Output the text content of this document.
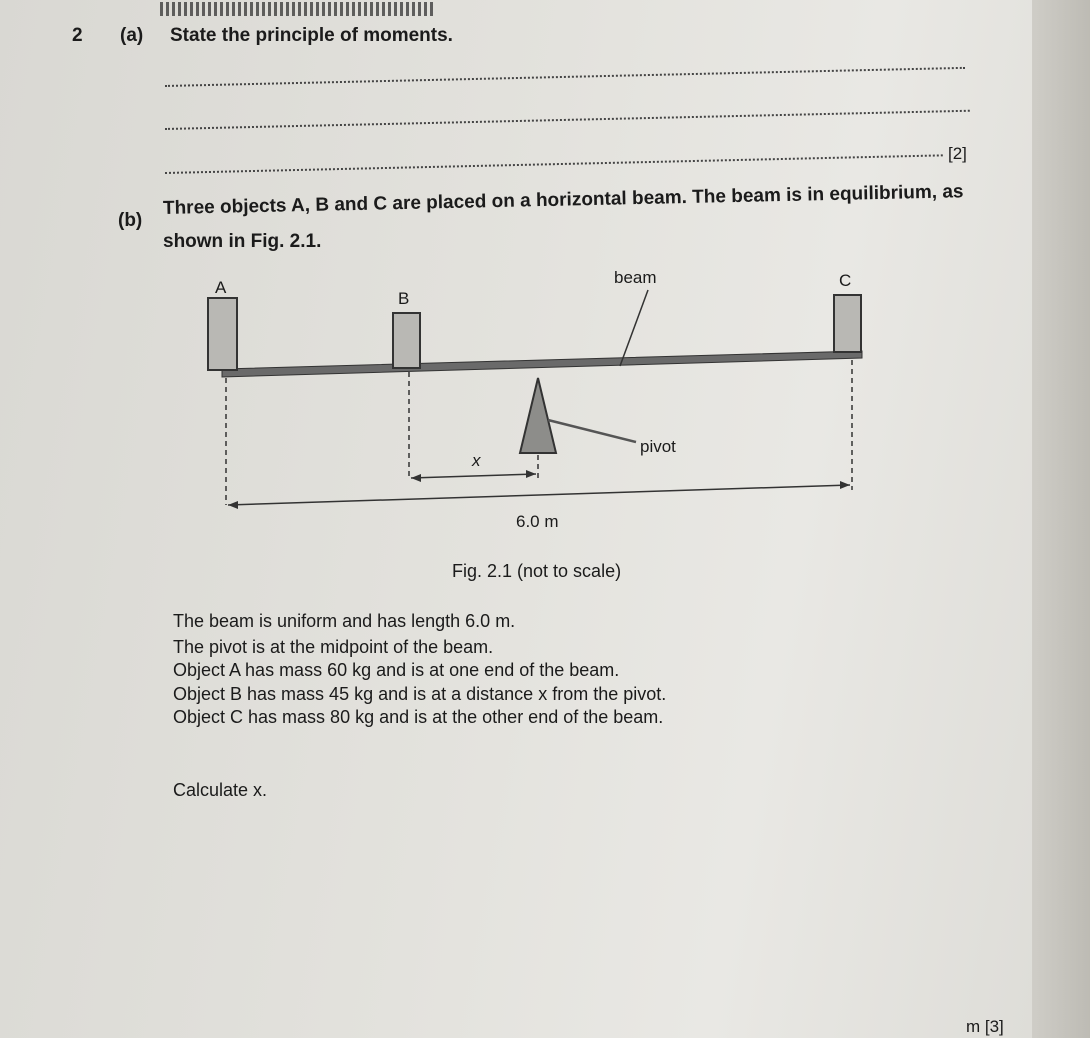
2 (a) State the principle of moments.
[2]
(b)
Three objects A, B and C are placed on a horizontal beam. The beam is in equilibrium, as
shown in Fig. 2.1.
A
B
C
beam
pivot
x
6.0 m
Fig. 2.1 (not to scale)
The beam is uniform and has length 6.0 m.
The pivot is at the midpoint of the beam.
Object A has mass 60 kg and is at one end of the beam.
Object B has mass 45 kg and is at a distance x from the pivot.
Object C has mass 80 kg and is at the other end of the beam.
Calculate x.
m [3]
